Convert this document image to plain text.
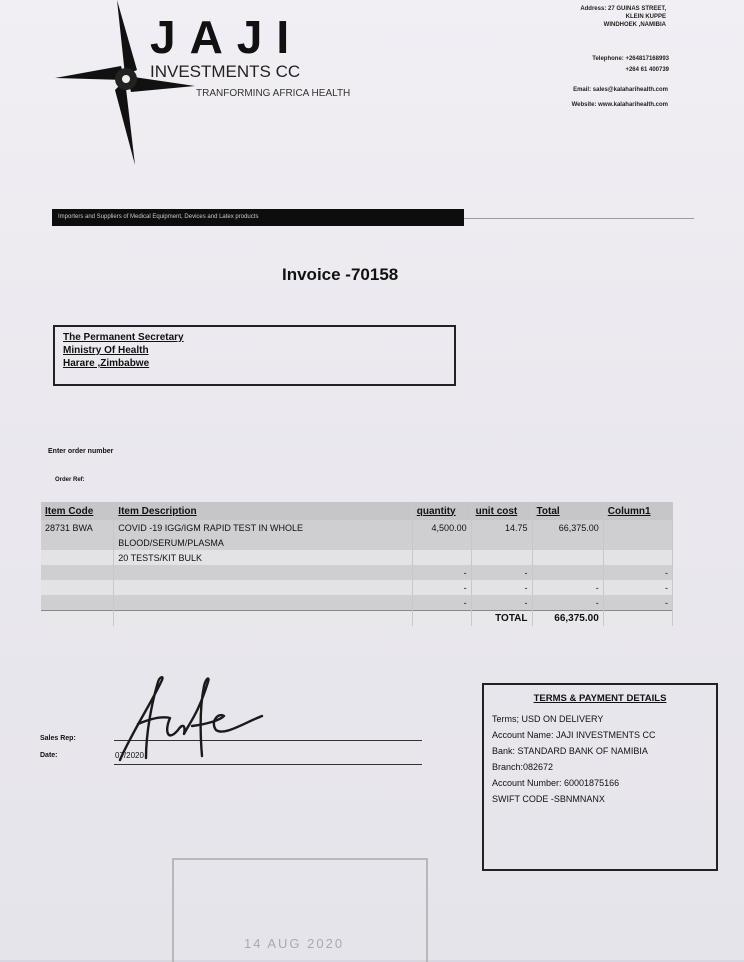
JAJI
INVESTMENTS CC
TRANFORMING AFRICA HEALTH
Address: 27 GUINAS STREET,
KLEIN KUPPE
WINDHOEK ,NAMIBIA
Telephone: +264817168993
+264 61 400739
Email: sales@kalaharihealth.com
Website: www.kalaharihealth.com
Importers and Suppliers of Medical Equipment, Devices and Latex products
Invoice -70158
The Permanent Secretary
Ministry Of Health
Harare ,Zimbabwe
Enter order number
Order Ref:
Item Code	Item Description	quantity	unit cost	Total	Column1
28731 BWA	COVID -19 IGG/IGM RAPID TEST IN WHOLE	4,500.00	14.75	66,375.00	
	BLOOD/SERUM/PLASMA				
	20 TESTS/KIT BULK				
		-	-		-
		-	-	-	-
		-	-	-	-
			TOTAL	66,375.00	
Sales Rep:
Date:	07/2020
TERMS & PAYMENT DETAILS
Terms; USD ON DELIVERY
Account Name: JAJI INVESTMENTS CC
Bank: STANDARD BANK OF NAMIBIA
Branch:082672
Account Number: 60001875166
SWIFT CODE -SBNMNANX
14 AUG 2020
